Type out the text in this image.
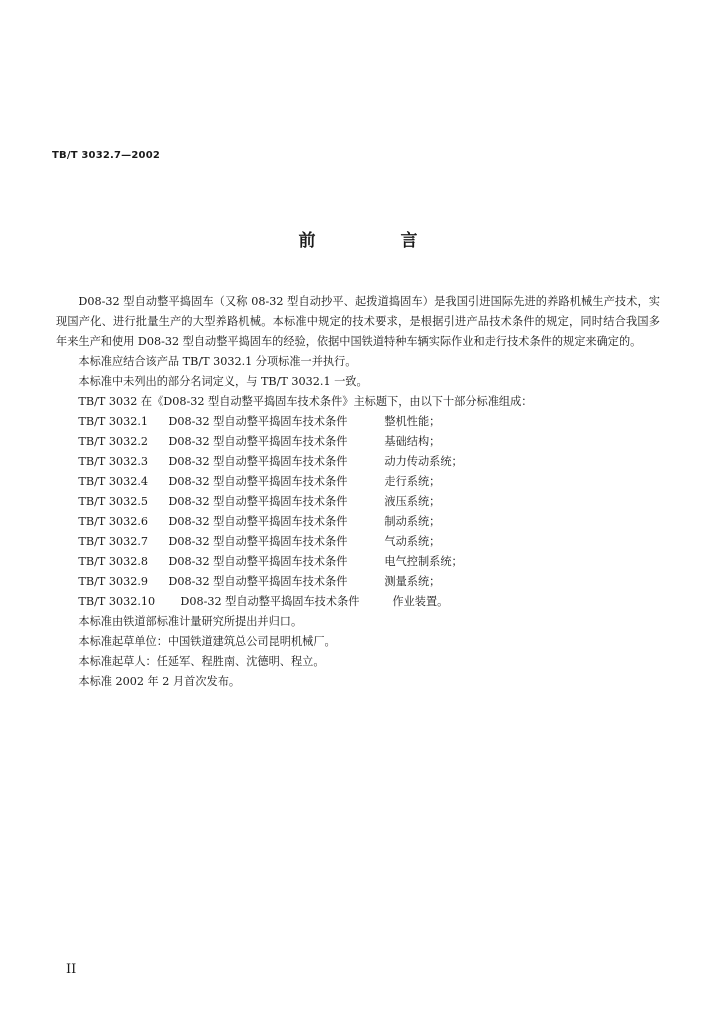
TB/T 3032.7—2002
前　言

D08-32 型自动整平捣固车（又称 08-32 型自动抄平、起拨道捣固车）是我国引进国际先进的养路机械生产技术，实现国产化、进行批量生产的大型养路机械。本标准中规定的技术要求，是根据引进产品技术条件的规定，同时结合我国多年来生产和使用 D08-32 型自动整平捣固车的经验，依据中国铁道特种车辆实际作业和走行技术条件的规定来确定的。

本标准应结合该产品 TB/T 3032.1 分项标准一并执行。

本标准中未列出的部分名词定义，与 TB/T 3032.1 一致。

TB/T 3032 在《D08-32 型自动整平捣固车技术条件》主标题下，由以下十部分标准组成：

TB/T 3032.1	D08-32 型自动整平捣固车技术条件	整机性能；
TB/T 3032.2	D08-32 型自动整平捣固车技术条件	基础结构；
TB/T 3032.3	D08-32 型自动整平捣固车技术条件	动力传动系统；
TB/T 3032.4	D08-32 型自动整平捣固车技术条件	走行系统；
TB/T 3032.5	D08-32 型自动整平捣固车技术条件	液压系统；
TB/T 3032.6	D08-32 型自动整平捣固车技术条件	制动系统；
TB/T 3032.7	D08-32 型自动整平捣固车技术条件	气动系统；
TB/T 3032.8	D08-32 型自动整平捣固车技术条件	电气控制系统；
TB/T 3032.9	D08-32 型自动整平捣固车技术条件	测量系统；
TB/T 3032.10	D08-32 型自动整平捣固车技术条件	作业装置。

本标准由铁道部标准计量研究所提出并归口。

本标准起草单位：中国铁道建筑总公司昆明机械厂。

本标准起草人：任延军、程胜南、沈德明、程立。

本标准 2002 年 2 月首次发布。

II
